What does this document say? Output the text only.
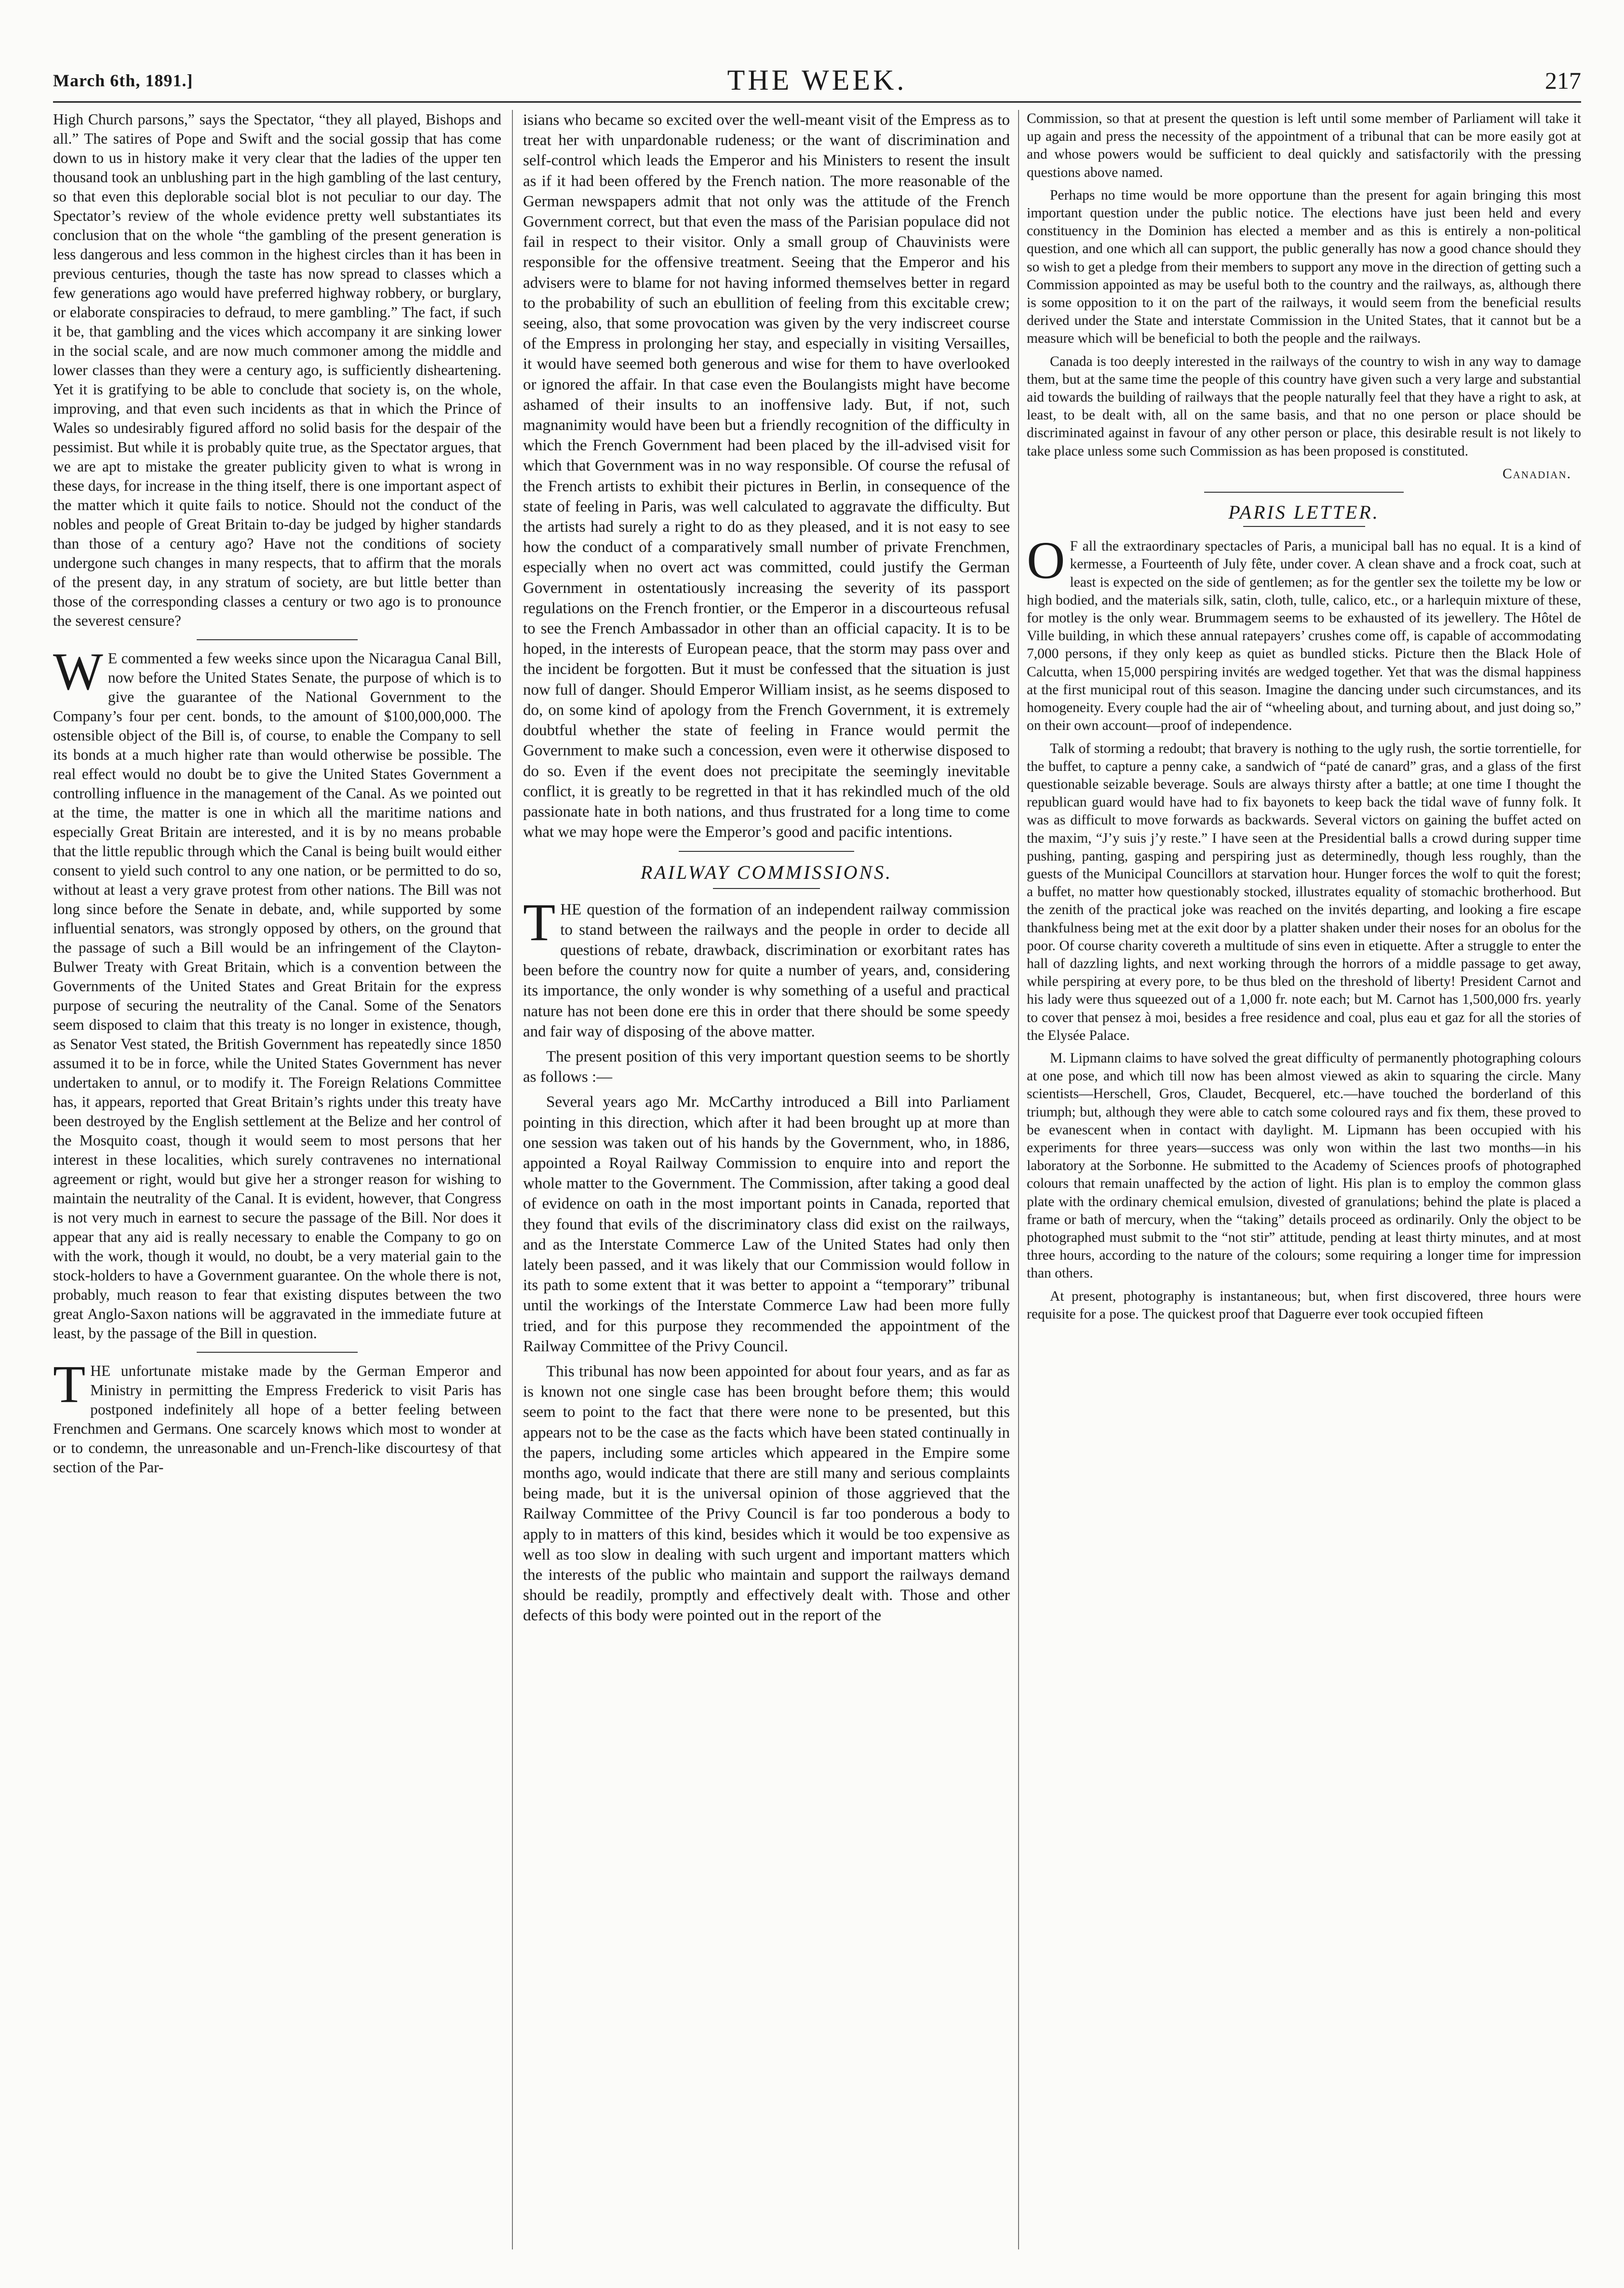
March 6th, 1891.]	THE WEEK.	217

High Church parsons,” says the Spectator, “they all played, Bishops and all.” The satires of Pope and Swift and the social gossip that has come down to us in history make it very clear that the ladies of the upper ten thousand took an unblushing part in the high gambling of the last century, so that even this deplorable social blot is not peculiar to our day. The Spectator’s review of the whole evidence pretty well substantiates its conclusion that on the whole “the gambling of the present generation is less dangerous and less common in the highest circles than it has been in previous centuries, though the taste has now spread to classes which a few generations ago would have preferred highway robbery, or burglary, or elaborate conspiracies to defraud, to mere gambling.” The fact, if such it be, that gambling and the vices which accompany it are sinking lower in the social scale, and are now much commoner among the middle and lower classes than they were a century ago, is sufficiently disheartening. Yet it is gratifying to be able to conclude that society is, on the whole, improving, and that even such incidents as that in which the Prince of Wales so undesirably figured afford no solid basis for the despair of the pessimist. But while it is probably quite true, as the Spectator argues, that we are apt to mistake the greater publicity given to what is wrong in these days, for increase in the thing itself, there is one important aspect of the matter which it quite fails to notice. Should not the conduct of the nobles and people of Great Britain to-day be judged by higher standards than those of a century ago? Have not the conditions of society undergone such changes in many respects, that to affirm that the morals of the present day, in any stratum of society, are but little better than those of the corresponding classes a century or two ago is to pronounce the severest censure?

W E commented a few weeks since upon the Nicaragua Canal Bill, now before the United States Senate, the purpose of which is to give the guarantee of the National Government to the Company’s four per cent. bonds, to the amount of $100,000,000. The ostensible object of the Bill is, of course, to enable the Company to sell its bonds at a much higher rate than would otherwise be possible. The real effect would no doubt be to give the United States Government a controlling influence in the management of the Canal. As we pointed out at the time, the matter is one in which all the maritime nations and especially Great Britain are interested, and it is by no means probable that the little republic through which the Canal is being built would either consent to yield such control to any one nation, or be permitted to do so, without at least a very grave protest from other nations. The Bill was not long since before the Senate in debate, and, while supported by some influential senators, was strongly opposed by others, on the ground that the passage of such a Bill would be an infringement of the Clayton-Bulwer Treaty with Great Britain, which is a convention between the Governments of the United States and Great Britain for the express purpose of securing the neutrality of the Canal. Some of the Senators seem disposed to claim that this treaty is no longer in existence, though, as Senator Vest stated, the British Government has repeatedly since 1850 assumed it to be in force, while the United States Government has never undertaken to annul, or to modify it. The Foreign Relations Committee has, it appears, reported that Great Britain’s rights under this treaty have been destroyed by the English settlement at the Belize and her control of the Mosquito coast, though it would seem to most persons that her interest in these localities, which surely contravenes no international agreement or right, would but give her a stronger reason for wishing to maintain the neutrality of the Canal. It is evident, however, that Congress is not very much in earnest to secure the passage of the Bill. Nor does it appear that any aid is really necessary to enable the Company to go on with the work, though it would, no doubt, be a very material gain to the stock-holders to have a Government guarantee. On the whole there is not, probably, much reason to fear that existing disputes between the two great Anglo-Saxon nations will be aggravated in the immediate future at least, by the passage of the Bill in question.

THE unfortunate mistake made by the German Emperor and Ministry in permitting the Empress Frederick to visit Paris has postponed indefinitely all hope of a better feeling between Frenchmen and Germans. One scarcely knows which most to wonder at or to condemn, the unreasonable and un-French-like discourtesy of that section of the Par-

isians who became so excited over the well-meant visit of the Empress as to treat her with unpardonable rudeness; or the want of discrimination and self-control which leads the Emperor and his Ministers to resent the insult as if it had been offered by the French nation. The more reasonable of the German newspapers admit that not only was the attitude of the French Government correct, but that even the mass of the Parisian populace did not fail in respect to their visitor. Only a small group of Chauvinists were responsible for the offensive treatment. Seeing that the Emperor and his advisers were to blame for not having informed themselves better in regard to the probability of such an ebullition of feeling from this excitable crew; seeing, also, that some provocation was given by the very indiscreet course of the Empress in prolonging her stay, and especially in visiting Versailles, it would have seemed both generous and wise for them to have overlooked or ignored the affair. In that case even the Boulangists might have become ashamed of their insults to an inoffensive lady. But, if not, such magnanimity would have been but a friendly recognition of the difficulty in which the French Government had been placed by the ill-advised visit for which that Government was in no way responsible. Of course the refusal of the French artists to exhibit their pictures in Berlin, in consequence of the state of feeling in Paris, was well calculated to aggravate the difficulty. But the artists had surely a right to do as they pleased, and it is not easy to see how the conduct of a comparatively small number of private Frenchmen, especially when no overt act was committed, could justify the German Government in ostentatiously increasing the severity of its passport regulations on the French frontier, or the Emperor in a discourteous refusal to see the French Ambassador in other than an official capacity. It is to be hoped, in the interests of European peace, that the storm may pass over and the incident be forgotten. But it must be confessed that the situation is just now full of danger. Should Emperor William insist, as he seems disposed to do, on some kind of apology from the French Government, it is extremely doubtful whether the state of feeling in France would permit the Government to make such a concession, even were it otherwise disposed to do so. Even if the event does not precipitate the seemingly inevitable conflict, it is greatly to be regretted in that it has rekindled much of the old passionate hate in both nations, and thus frustrated for a long time to come what we may hope were the Emperor’s good and pacific intentions.

RAILWAY COMMISSIONS.

THE question of the formation of an independent railway commission to stand between the railways and the people in order to decide all questions of rebate, drawback, discrimination or exorbitant rates has been before the country now for quite a number of years, and, considering its importance, the only wonder is why something of a useful and practical nature has not been done ere this in order that there should be some speedy and fair way of disposing of the above matter.

The present position of this very important question seems to be shortly as follows :—

Several years ago Mr. McCarthy introduced a Bill into Parliament pointing in this direction, which after it had been brought up at more than one session was taken out of his hands by the Government, who, in 1886, appointed a Royal Railway Commission to enquire into and report the whole matter to the Government. The Commission, after taking a good deal of evidence on oath in the most important points in Canada, reported that they found that evils of the discriminatory class did exist on the railways, and as the Interstate Commerce Law of the United States had only then lately been passed, and it was likely that our Commission would follow in its path to some extent that it was better to appoint a “temporary” tribunal until the workings of the Interstate Commerce Law had been more fully tried, and for this purpose they recommended the appointment of the Railway Committee of the Privy Council.

This tribunal has now been appointed for about four years, and as far as is known not one single case has been brought before them; this would seem to point to the fact that there were none to be presented, but this appears not to be the case as the facts which have been stated continually in the papers, including some articles which appeared in the Empire some months ago, would indicate that there are still many and serious complaints being made, but it is the universal opinion of those aggrieved that the Railway Committee of the Privy Council is far too ponderous a body to apply to in matters of this kind, besides which it would be too expensive as well as too slow in dealing with such urgent and important matters which the interests of the public who maintain and support the railways demand should be readily, promptly and effectively dealt with. Those and other defects of this body were pointed out in the report of the

Commission, so that at present the question is left until some member of Parliament will take it up again and press the necessity of the appointment of a tribunal that can be more easily got at and whose powers would be sufficient to deal quickly and satisfactorily with the pressing questions above named.

Perhaps no time would be more opportune than the present for again bringing this most important question under the public notice. The elections have just been held and every constituency in the Dominion has elected a member and as this is entirely a non-political question, and one which all can support, the public generally has now a good chance should they so wish to get a pledge from their members to support any move in the direction of getting such a Commission appointed as may be useful both to the country and the railways, as, although there is some opposition to it on the part of the railways, it would seem from the beneficial results derived under the State and interstate Commission in the United States, that it cannot but be a measure which will be beneficial to both the people and the railways.

Canada is too deeply interested in the railways of the country to wish in any way to damage them, but at the same time the people of this country have given such a very large and substantial aid towards the building of railways that the people naturally feel that they have a right to ask, at least, to be dealt with, all on the same basis, and that no one person or place should be discriminated against in favour of any other person or place, this desirable result is not likely to take place unless some such Commission as has been proposed is constituted.

Canadian.
PARIS LETTER.

O F all the extraordinary spectacles of Paris, a municipal ball has no equal. It is a kind of kermesse, a Fourteenth of July fête, under cover. A clean shave and a frock coat, such at least is expected on the side of gentlemen; as for the gentler sex the toilette my be low or high bodied, and the materials silk, satin, cloth, tulle, calico, etc., or a harlequin mixture of these, for motley is the only wear. Brummagem seems to be exhausted of its jewellery. The Hôtel de Ville building, in which these annual ratepayers’ crushes come off, is capable of accommodating 7,000 persons, if they only keep as quiet as bundled sticks. Picture then the Black Hole of Calcutta, when 15,000 perspiring invités are wedged together. Yet that was the dismal happiness at the first municipal rout of this season. Imagine the dancing under such circumstances, and its homogeneity. Every couple had the air of “wheeling about, and turning about, and just doing so,” on their own account—proof of independence.

Talk of storming a redoubt; that bravery is nothing to the ugly rush, the sortie torrentielle, for the buffet, to capture a penny cake, a sandwich of “paté de canard” gras, and a glass of the first questionable seizable beverage. Souls are always thirsty after a battle; at one time I thought the republican guard would have had to fix bayonets to keep back the tidal wave of funny folk. It was as difficult to move forwards as backwards. Several victors on gaining the buffet acted on the maxim, “J’y suis j’y reste.” I have seen at the Presidential balls a crowd during supper time pushing, panting, gasping and perspiring just as determinedly, though less roughly, than the guests of the Municipal Councillors at starvation hour. Hunger forces the wolf to quit the forest; a buffet, no matter how questionably stocked, illustrates equality of stomachic brotherhood. But the zenith of the practical joke was reached on the invités departing, and looking a fire escape thankfulness being met at the exit door by a platter shaken under their noses for an obolus for the poor. Of course charity covereth a multitude of sins even in etiquette. After a struggle to enter the hall of dazzling lights, and next working through the horrors of a middle passage to get away, while perspiring at every pore, to be thus bled on the threshold of liberty! President Carnot and his lady were thus squeezed out of a 1,000 fr. note each; but M. Carnot has 1,500,000 frs. yearly to cover that pensez à moi, besides a free residence and coal, plus eau et gaz for all the stories of the Elysée Palace.

M. Lipmann claims to have solved the great difficulty of permanently photographing colours at one pose, and which till now has been almost viewed as akin to squaring the circle. Many scientists—Herschell, Gros, Claudet, Becquerel, etc.—have touched the borderland of this triumph; but, although they were able to catch some coloured rays and fix them, these proved to be evanescent when in contact with daylight. M. Lipmann has been occupied with his experiments for three years—success was only won within the last two months—in his laboratory at the Sorbonne. He submitted to the Academy of Sciences proofs of photographed colours that remain unaffected by the action of light. His plan is to employ the common glass plate with the ordinary chemical emulsion, divested of granulations; behind the plate is placed a frame or bath of mercury, when the “taking” details proceed as ordinarily. Only the object to be photographed must submit to the “not stir” attitude, pending at least thirty minutes, and at most three hours, according to the nature of the colours; some requiring a longer time for impression than others.

At present, photography is instantaneous; but, when first discovered, three hours were requisite for a pose. The quickest proof that Daguerre ever took occupied fifteen
